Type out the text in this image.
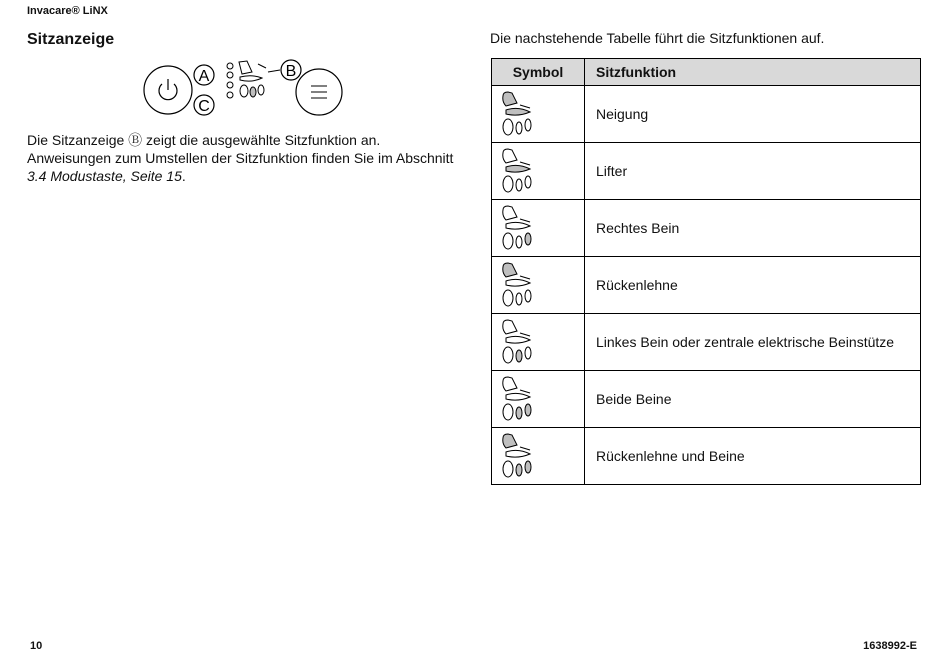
Invacare® LiNX
Sitzanzeige
A
C
B
Die Sitzanzeige Ⓑ zeigt die ausgewählte Sitzfunktion an. Anweisungen zum Umstellen der Sitzfunktion finden Sie im Abschnitt 3.4 Modustaste, Seite 15.
Die nachstehende Tabelle führt die Sitzfunktionen auf.
Symbol	Sitzfunktion

	Neigung

	Lifter

	Rechtes Bein

	Rückenlehne

	Linkes Bein oder zentrale elektrische Beinstütze

	Beide Beine

	Rückenlehne und Beine
10	1638992-E
